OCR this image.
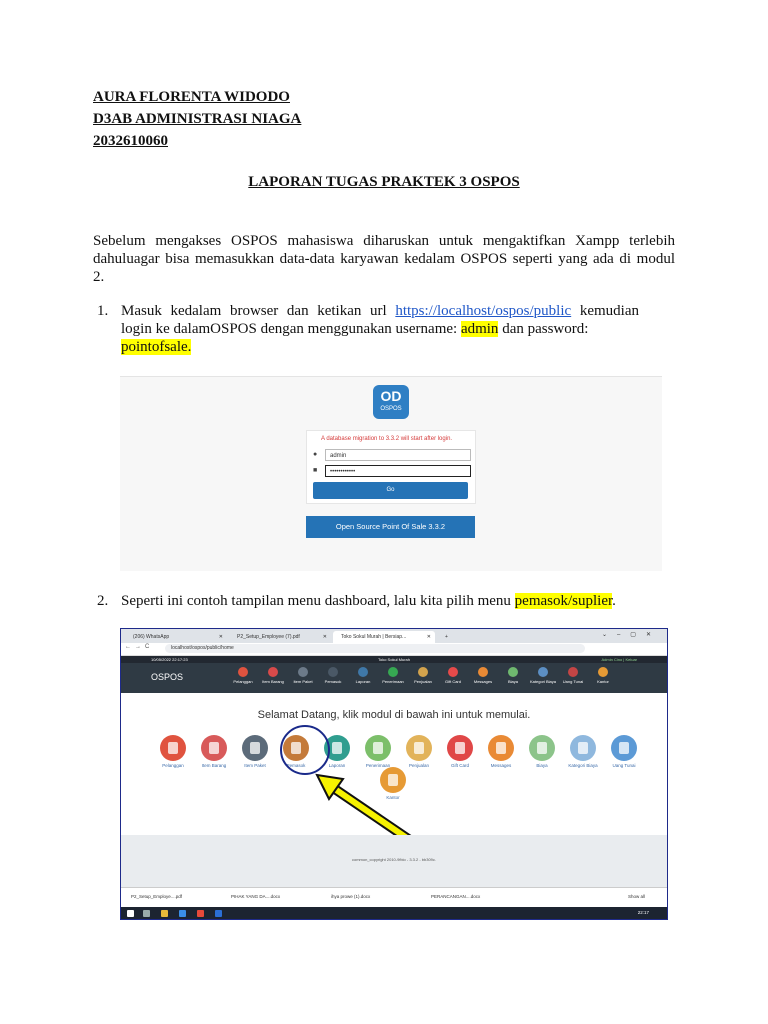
AURA FLORENTA WIDODO
D3AB ADMINISTRASI NIAGA
2032610060
LAPORAN TUGAS PRAKTEK 3 OSPOS
Sebelum mengakses OSPOS mahasiswa diharuskan untuk mengaktifkan Xampp terlebih
dahuluagar bisa memasukkan data-data karyawan kedalam OSPOS seperti yang ada di modul
2.
1. Masuk kedalam browser dan ketikan url https://localhost/ospos/public kemudian
login ke dalamOSPOS dengan menggunakan username: admin dan password:
pointofsale.
OD
OSPOS
A database migration to 3.3.2 will start after login.
●	admin
■	••••••••••••
Go
Open Source Point Of Sale 3.3.2
2. Seperti ini contoh tampilan menu dashboard, lalu kita pilih menu pemasok/suplier.
(206) WhatsApp	✕	P2_Setup_Employee (7).pdf	✕	Toko Sokul Murah | Bersiap...	✕	+	⌄–▢✕
←→C	localhost/ospos/public/home
10/05/2022 22:17:23	Toko Sokul Murah	Admin Cino | Keluar
OSPOS	Pelanggan	Item Barang	Item Paket	Pemasok	Laporan	Penerimaan	Penjualan	Gift Card	Messages	Biaya	Kategori Biaya	Uang Tunai	Kantor
Selamat Datang, klik modul di bawah ini untuk memulai.
Pelanggan	Item Barang	Item Paket	Pemasok	Laporan	Penerimaan	Penjualan	Gift Card	Messages	Biaya	Kategori Biaya	Uang Tunai
Kantor
common_copyright 2010-9fbio - 3.3.2 - bb309c.
P2_Setup_Employe....pdf	PIHAK YANG DA....docx	ihya prowe (1).docx	PERANCANGAN....docx	Show all
22:17
